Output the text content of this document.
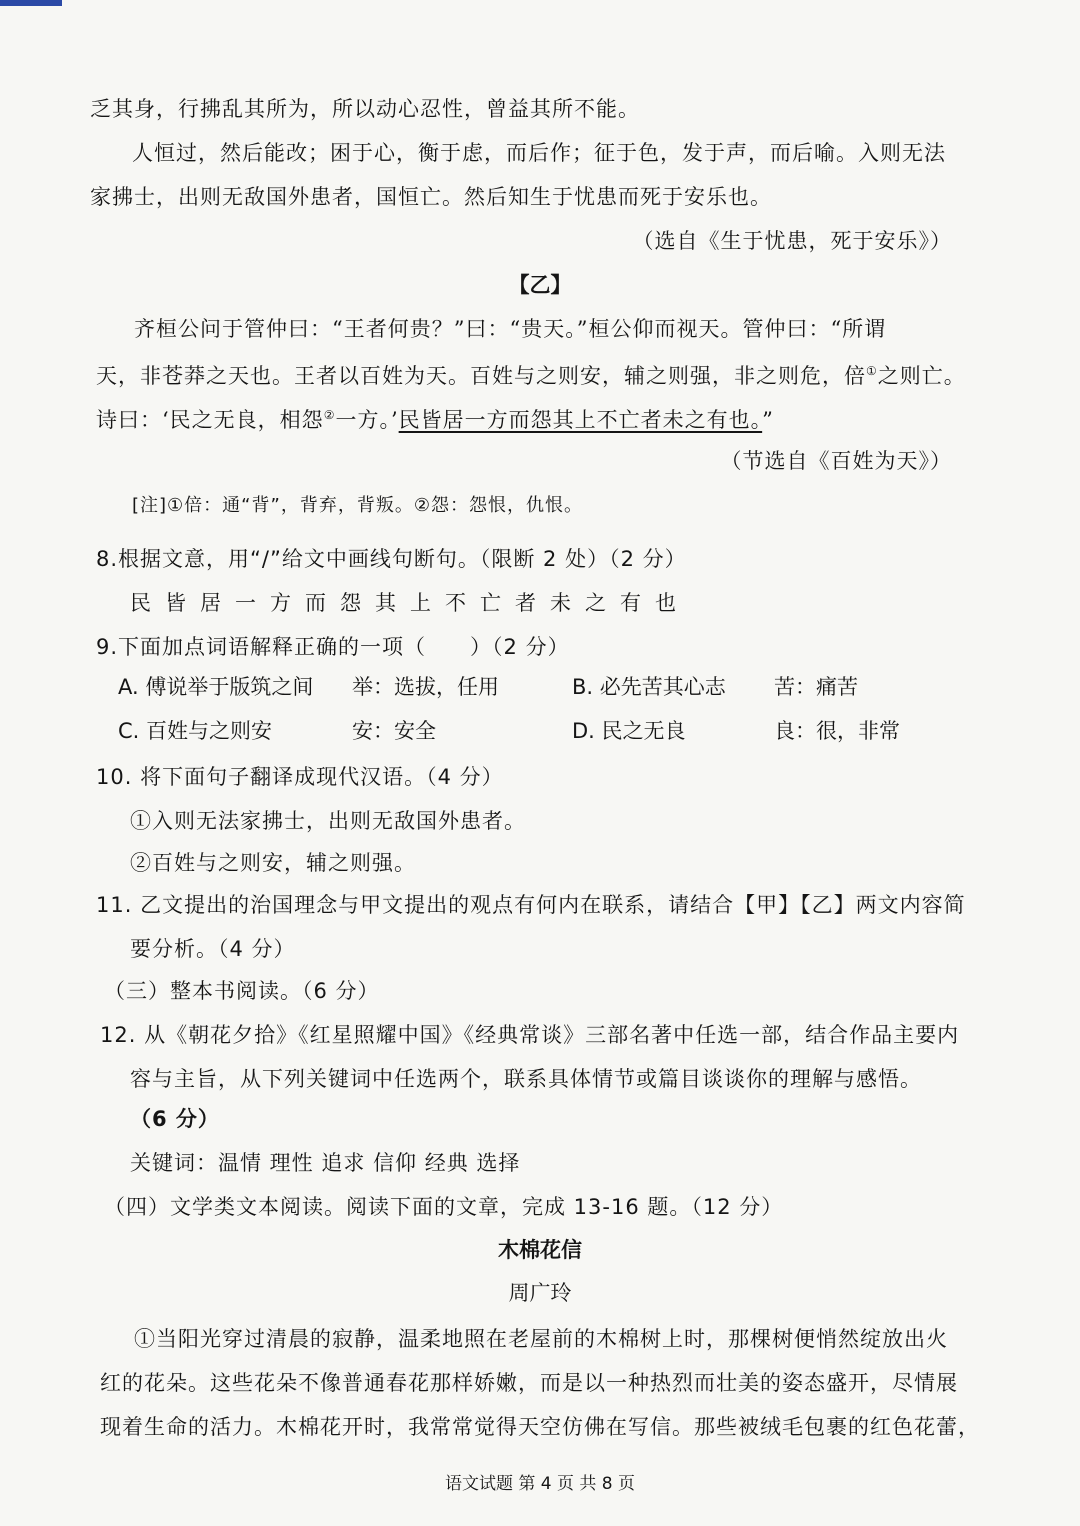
乏其身，行拂乱其所为，所以动心忍性，曾益其所不能。
人恒过，然后能改；困于心，衡于虑，而后作；征于色，发于声，而后喻。入则无法
家拂士，出则无敌国外患者，国恒亡。然后知生于忧患而死于安乐也。
（选自《生于忧患，死于安乐》）
【乙】
齐桓公问于管仲曰：“王者何贵？”曰：“贵天。”桓公仰而视天。管仲曰：“所谓
天，非苍莽之天也。王者以百姓为天。百姓与之则安，辅之则强，非之则危，倍①之则亡。
诗曰：‘民之无良，相怨②一方。’民皆居一方而怨其上不亡者未之有也。”
（节选自《百姓为天》）
[注]①倍：通“背”，背弃，背叛。②怨：怨恨，仇恨。
8.根据文意，用“/”给文中画线句断句。（限断 2 处）（2 分）
民皆居一方而怨其上不亡者未之有也
9.下面加点词语解释正确的一项（　　）（2 分）
A. 傅说举于版筑之间 举：选拔，任用	B. 必先苦其心志 苦：痛苦
C. 百姓与之则安	安：安全	D. 民之无良	良：很，非常
10. 将下面句子翻译成现代汉语。（4 分）
①入则无法家拂士，出则无敌国外患者。
②百姓与之则安，辅之则强。
11. 乙文提出的治国理念与甲文提出的观点有何内在联系，请结合【甲】【乙】两文内容简
要分析。（4 分）
（三）整本书阅读。（6 分）
12. 从《朝花夕拾》《红星照耀中国》《经典常谈》三部名著中任选一部，结合作品主要内
容与主旨，从下列关键词中任选两个，联系具体情节或篇目谈谈你的理解与感悟。
（6 分）
关键词：温情 理性 追求 信仰 经典 选择
（四）文学类文本阅读。阅读下面的文章，完成 13-16 题。（12 分）
木棉花信
周广玲
①当阳光穿过清晨的寂静，温柔地照在老屋前的木棉树上时，那棵树便悄然绽放出火
红的花朵。这些花朵不像普通春花那样娇嫩，而是以一种热烈而壮美的姿态盛开，尽情展
现着生命的活力。木棉花开时，我常常觉得天空仿佛在写信。那些被绒毛包裹的红色花蕾，
语文试题 第 4 页 共 8 页
